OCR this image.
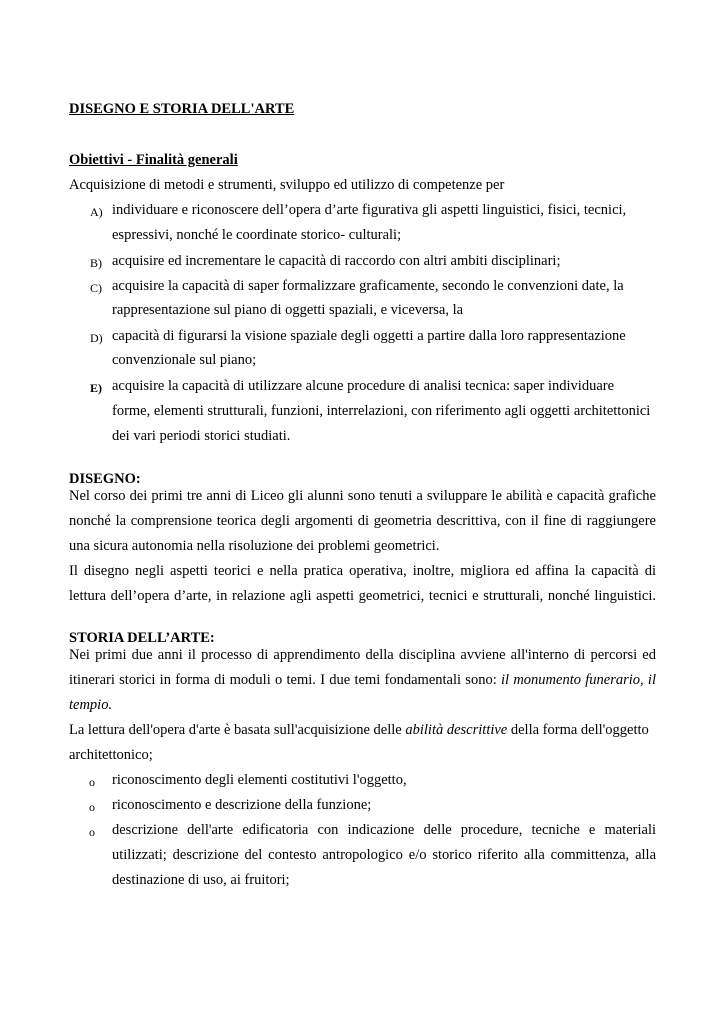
DISEGNO E STORIA DELL'ARTE
Obiettivi - Finalità generali
Acquisizione di metodi e strumenti, sviluppo ed utilizzo di competenze per
A) individuare e riconoscere dell’opera d’arte figurativa gli aspetti linguistici, fisici, tecnici,
espressivi, nonché le coordinate storico- culturali;
B) acquisire ed incrementare le capacità di raccordo con altri ambiti disciplinari;
C) acquisire la capacità di saper formalizzare graficamente, secondo le convenzioni date, la
rappresentazione sul piano di oggetti spaziali, e viceversa, la
D) capacità di figurarsi la visione spaziale degli oggetti a partire dalla loro rappresentazione
convenzionale sul piano;
E) acquisire la capacità di utilizzare alcune procedure di analisi tecnica: saper individuare
forme, elementi strutturali, funzioni, interrelazioni, con riferimento agli oggetti architettonici
dei vari periodi storici studiati.
DISEGNO:
Nel corso dei primi tre anni di Liceo gli alunni sono tenuti a sviluppare le abilità e capacità grafiche
nonché la comprensione teorica degli argomenti di geometria descrittiva, con il fine di raggiungere
una sicura autonomia nella risoluzione dei problemi geometrici.
Il disegno negli aspetti teorici e nella pratica operativa, inoltre, migliora ed affina la capacità di
lettura dell’opera d’arte, in relazione agli aspetti geometrici, tecnici e strutturali, nonché linguistici.
STORIA DELL’ARTE:
Nei primi due anni il processo di apprendimento della disciplina avviene all'interno di percorsi ed
itinerari storici in forma di moduli o temi. I due temi fondamentali sono: il monumento funerario, il
tempio.
La lettura dell'opera d'arte è basata sull'acquisizione delle abilità descrittive della forma dell'oggetto
architettonico;
o riconoscimento degli elementi costitutivi l'oggetto,
o riconoscimento e descrizione della funzione;
o descrizione dell'arte edificatoria con indicazione delle procedure, tecniche e materiali
utilizzati; descrizione del contesto antropologico e/o storico riferito alla committenza, alla
destinazione di uso, ai fruitori;
